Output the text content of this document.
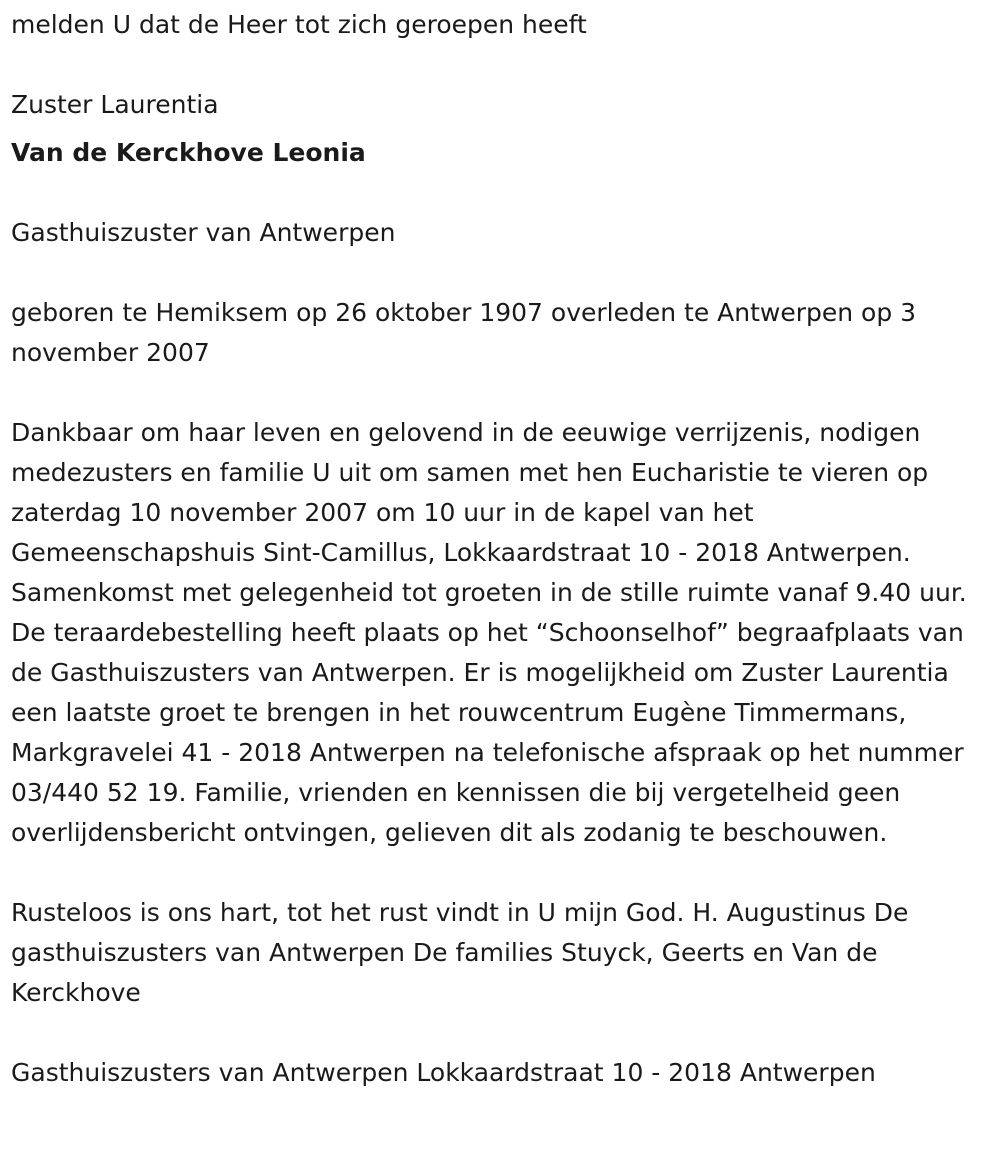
melden U dat de Heer tot zich geroepen heeft

Zuster Laurentia

Van de Kerckhove Leonia

Gasthuiszuster van Antwerpen

geboren te Hemiksem op 26 oktober 1907 overleden te Antwerpen op 3 november 2007

Dankbaar om haar leven en gelovend in de eeuwige verrijzenis, nodigen medezusters en familie U uit om samen met hen Eucharistie te vieren op zaterdag 10 november 2007 om 10 uur in de kapel van het Gemeenschapshuis Sint-Camillus, Lokkaardstraat 10 - 2018 Antwerpen. Samenkomst met gelegenheid tot groeten in de stille ruimte vanaf 9.40 uur. De teraardebestelling heeft plaats op het “Schoonselhof” begraafplaats van de Gasthuiszusters van Antwerpen. Er is mogelijkheid om Zuster Laurentia een laatste groet te brengen in het rouwcentrum Eugène Timmermans, Markgravelei 41 - 2018 Antwerpen na telefonische afspraak op het nummer 03/440 52 19. Familie, vrienden en kennissen die bij vergetelheid geen overlijdensbericht ontvingen, gelieven dit als zodanig te beschouwen.

Rusteloos is ons hart, tot het rust vindt in U mijn God. H. Augustinus De gasthuiszusters van Antwerpen De families Stuyck, Geerts en Van de Kerckhove

Gasthuiszusters van Antwerpen Lokkaardstraat 10 - 2018 Antwerpen
